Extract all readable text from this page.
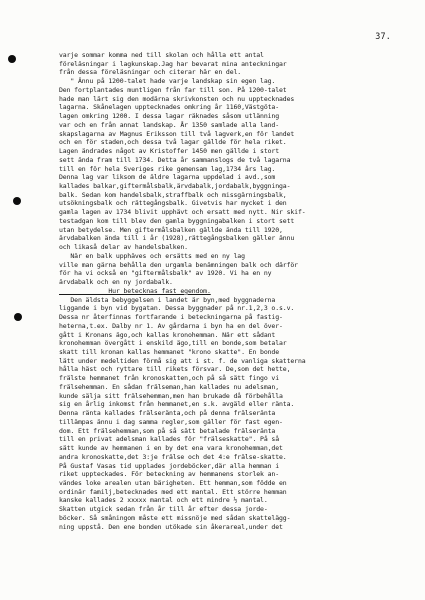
37.
varje sommar komma ned till skolan och hålla ett antal
föreläsningar i lagkunskap.Jag har bevarat mina anteckningar
från dessa föreläsningar och citerar här en del.
" Ännu på 1200-talet hade varje landskap sin egen lag.
Den fortplantades muntligen från far till son. På 1200-talet
hade man lärt sig den modärna skrivkonsten och nu upptecknades
lagarna. Skånelagen upptecknades omkring år 1160,Västgöta-
lagen omkring 1200. I dessa lagar räknades såsom utlänning
var och en från annat landskap. År 1350 samlade alla land-
skapslagarna av Magnus Eriksson till två lagverk,en för landet
och en för staden,och dessa två lagar gällde för hela riket.
Lagen ändrades något av Kristoffer 1450 men gällde i stort
sett ända fram till 1734. Detta år sammanslogs de två lagarna
till en för hela Sveriges rike gemensam lag,1734 års lag.
Denna lag var liksom de äldre lagarna uppdelad i avd.,som
kallades balkar,giftermålsbalk,ärvdabalk,jordabalk,byggninga-
balk. Sedan kom handelsbalk,straffbalk och missgärningsbalk,
utsökningsbalk och rättegångsbalk. Givetvis har mycket i den
gamla lagen av 1734 blivit upphävt och ersatt med nytt. Nir skif-
testadgan kom till blev den gamla byggningabalken i stort sett
utan betydelse. Men giftermålsbalken gällde ända till 1920,
ärvdabalken ända till i år (1928),rättegångsbalken gäller ännu
och likaså delar av handelsbalken.
När en balk upphäves och ersätts med en ny lag
ville man gärna behålla den urgamla benämningen balk och därför
för ha vi också en "giftermålsbalk" av 1920. Vi ha en ny
ärvdabalk och en ny jordabalk.
Hur betecknas fast egendom.
Den äldsta bebyggelsen i landet är byn,med byggnaderna
liggande i byn vid bygatan. Dessa byggnader på nr.1,2,3 o.s.v.
Dessa nr återfinnas fortfarande i beteckningarna på fastig-
heterna,t.ex. Dalby nr 1. Av gårdarna i byn ha en del över-
gått i Kronans ägo,och kallas kronohemman. När ett sådant
kronohemman övergått i enskild ägo,till en bonde,som betalar
skatt till kronan kallas hemmanet "krono skatte". En bonde
lätt under medeltiden förmå sig att i st. f. de vanliga skatterna
hålla häst och ryttare till rikets försvar. De,som det hette,
frälste hemmanet från kronoskatten,och på så sätt fingo vi
frälsehemman. En sådan frälseman,han kallades nu adelsman,
kunde sälja sitt frälsehemman,men han brukade då förbehålla
sig en årlig inkomst från hemmanet,en s.k. avgäld eller ränta.
Denna ränta kallades frälseränta,och på denna frälseränta
tillämpas ännu i dag samma regler,som gäller för fast egen-
dom. Ett frälsehemman,som på så sätt betalade frälseränta
till en privat adelsman kallades för "frälseskatte". På så
sätt kunde av hemmanen i en by det ena vara kronohemman,det
andra kronoskatte,det 3:je frälse och det 4:e frälse-skatte.
På Gustaf Vasas tid upplades jordeböcker,där alla hemman i
riket uppteckades. För beteckning av hemmanens storlek an-
vändes loke arealen utan bärigheten. Ett hemman,som födde en
ordinär familj,betecknades med ett mantal. Ett större hemman
kanske kallades 2 xxxxx mantal och ett mindre ½ mantal.
Skatten utgick sedan från år till år efter dessa jorde-
böcker. Så småningom måste ett missnöje med sådan skattelägg-
ning uppstå. Den ene bonden utökade sin åkerareal,under det
